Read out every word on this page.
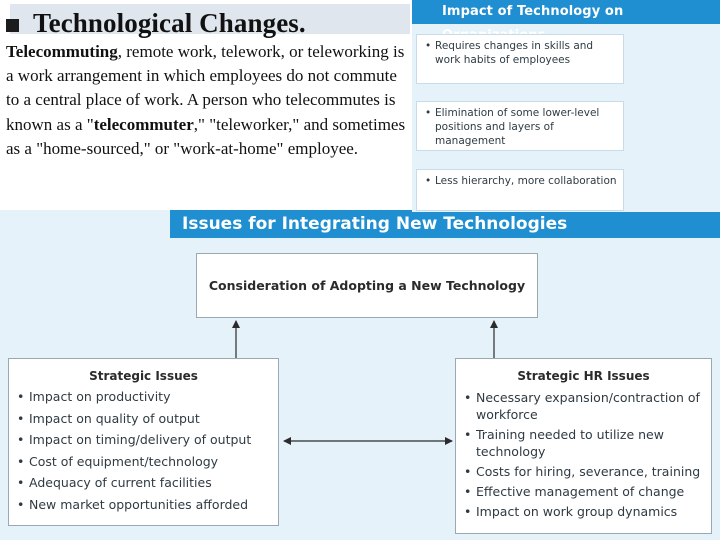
Technological Changes.
Telecommuting, remote work, telework, or teleworking is a work arrangement in which employees do not commute to a central place of work. A person who telecommutes is known as a "telecommuter," "teleworker," and sometimes as a "home-sourced," or "work-at-home" employee.
Impact of Technology on
• Requires changes in skills and work habits of employees
• Elimination of some lower-level positions and layers of management
• Less hierarchy, more collaboration
Issues for Integrating New Technologies
Consideration of Adopting a New Technology
Strategic Issues
• Impact on productivity
• Impact on quality of output
• Impact on timing/delivery of output
• Cost of equipment/technology
• Adequacy of current facilities
• New market opportunities afforded
Strategic HR Issues
• Necessary expansion/contraction of workforce
• Training needed to utilize new technology
• Costs for hiring, severance, training
• Effective management of change
• Impact on work group dynamics
